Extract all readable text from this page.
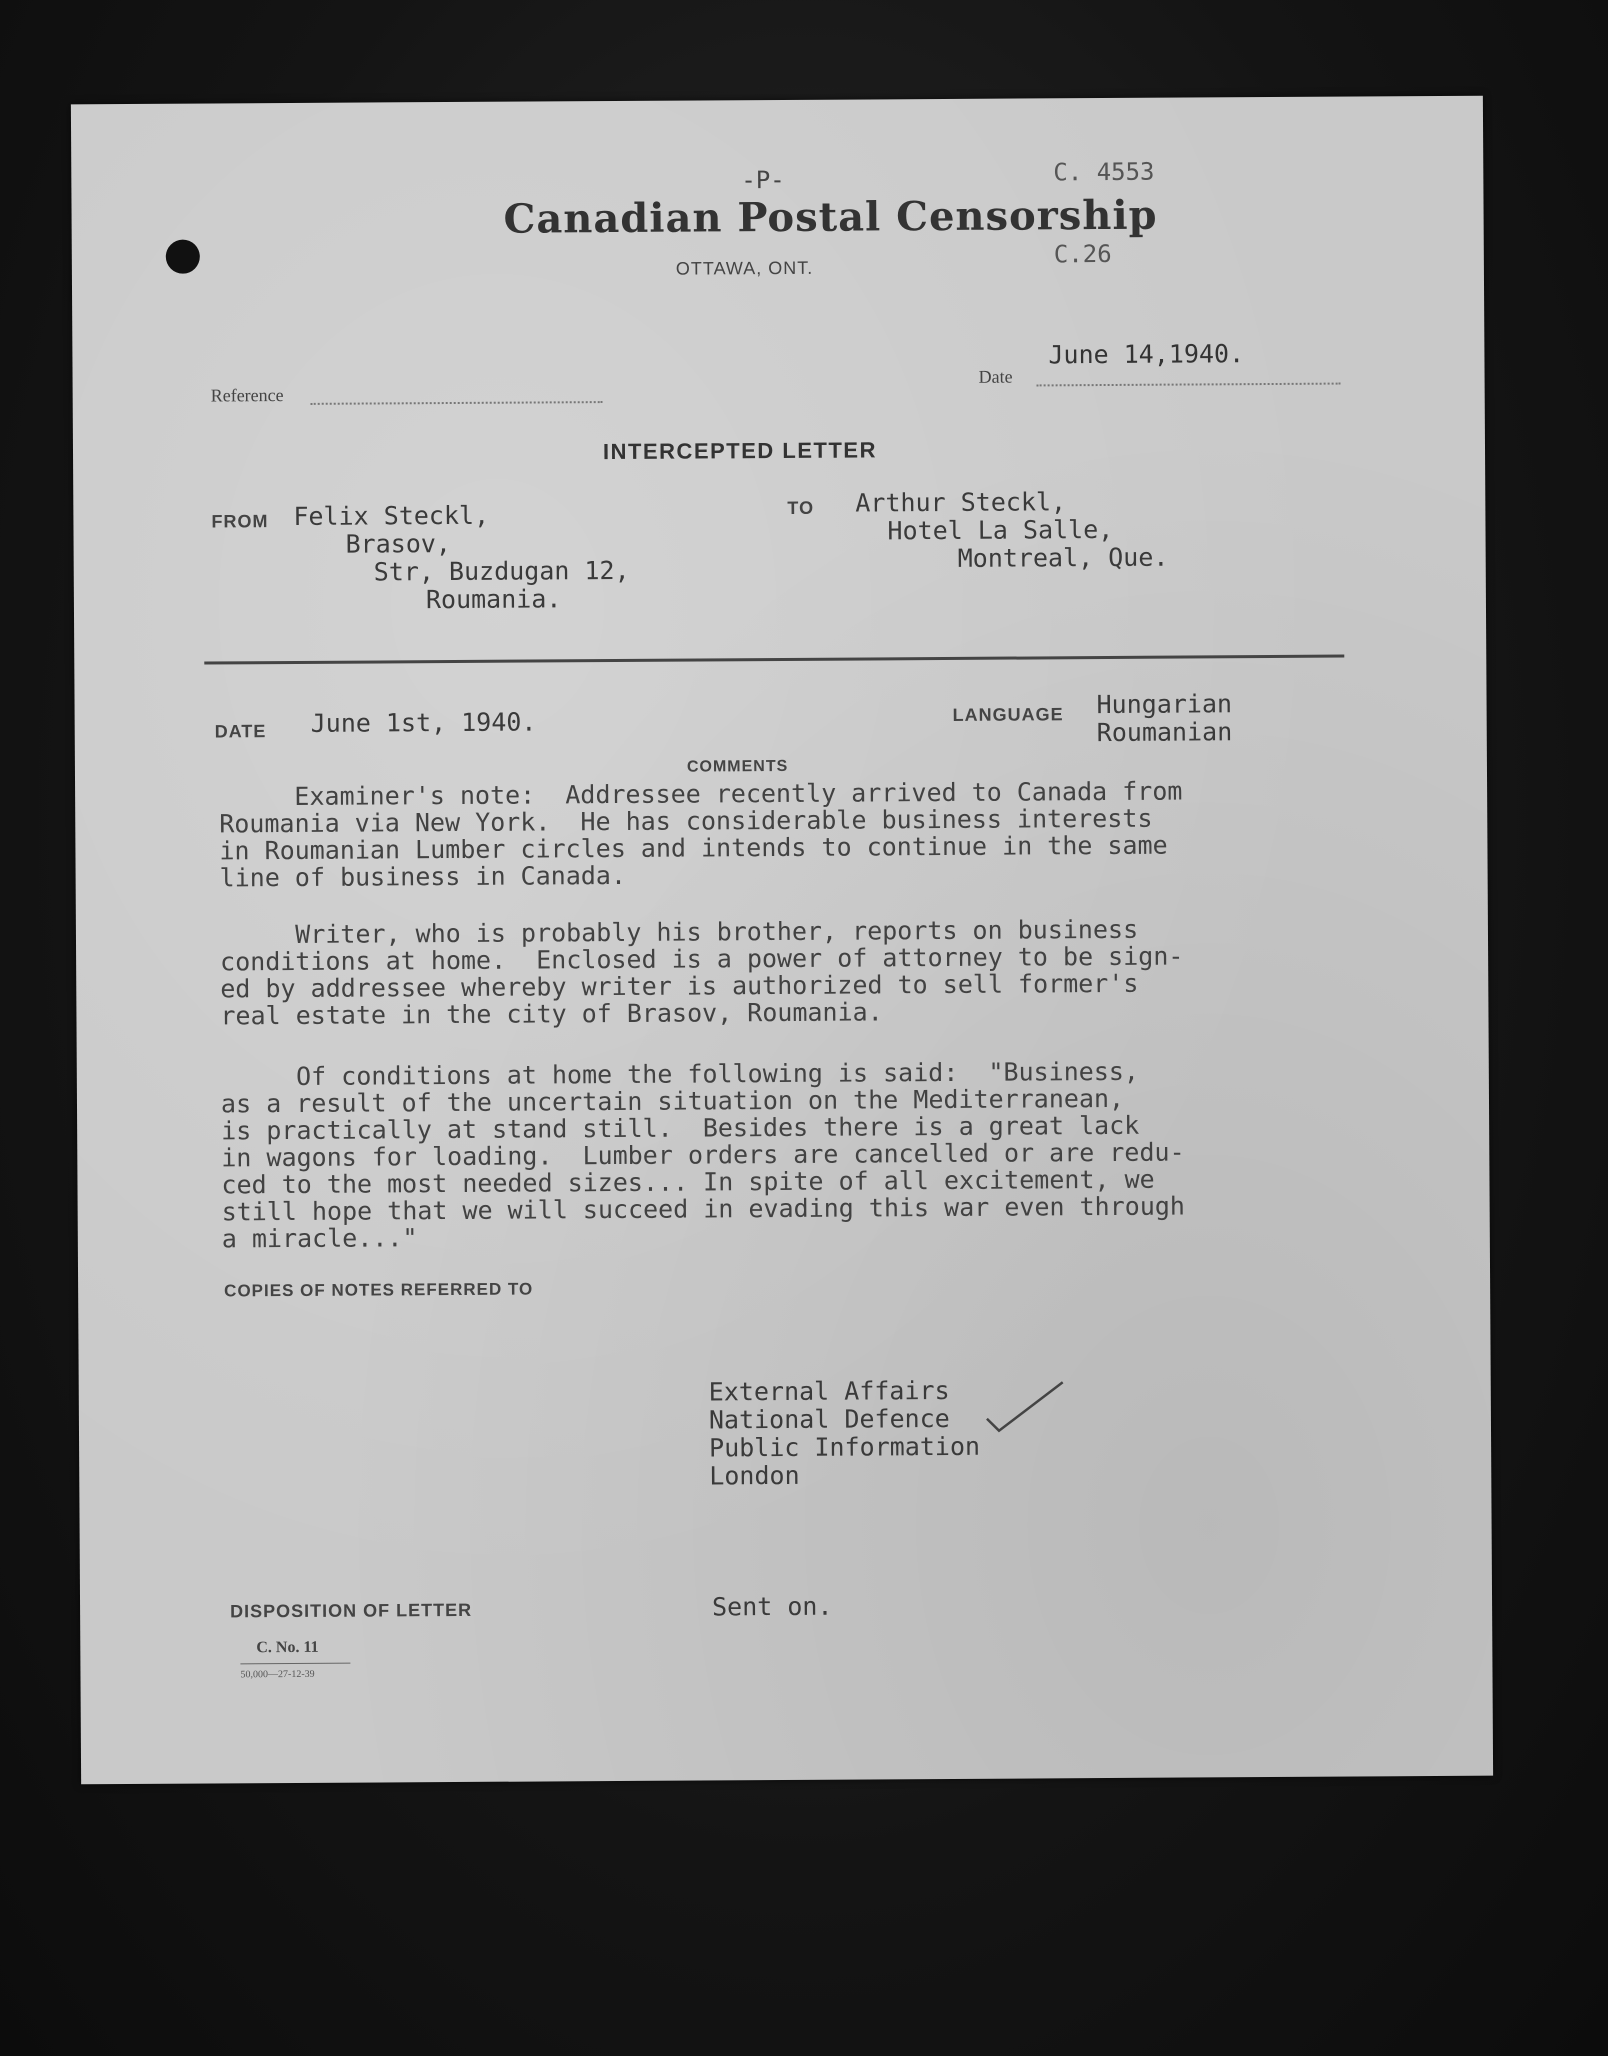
-P-	C. 4553
Canadian Postal Censorship
C.26
OTTAWA, ONT.
Reference
June 14,1940.
Date
INTERCEPTED LETTER
FROM Felix Steckl,
Brasov,
Str, Buzdugan 12,
Roumania.
TO Arthur Steckl,
Hotel La Salle,
Montreal, Que.
DATE June 1st, 1940.	LANGUAGE Hungarian
Roumanian
COMMENTS
Examiner's note:  Addressee recently arrived to Canada from
Roumania via New York.  He has considerable business interests
in Roumanian Lumber circles and intends to continue in the same
line of business in Canada.
Writer, who is probably his brother, reports on business
conditions at home.  Enclosed is a power of attorney to be sign-
ed by addressee whereby writer is authorized to sell former's
real estate in the city of Brasov, Roumania.
Of conditions at home the following is said:  "Business,
as a result of the uncertain situation on the Mediterranean,
is practically at stand still.  Besides there is a great lack
in wagons for loading.  Lumber orders are cancelled or are redu-
ced to the most needed sizes... In spite of all excitement, we
still hope that we will succeed in evading this war even through
a miracle..."
COPIES OF NOTES REFERRED TO
External Affairs
National Defence
Public Information
London
DISPOSITION OF LETTER	Sent on.
C. No. 11
50,000—27-12-39
